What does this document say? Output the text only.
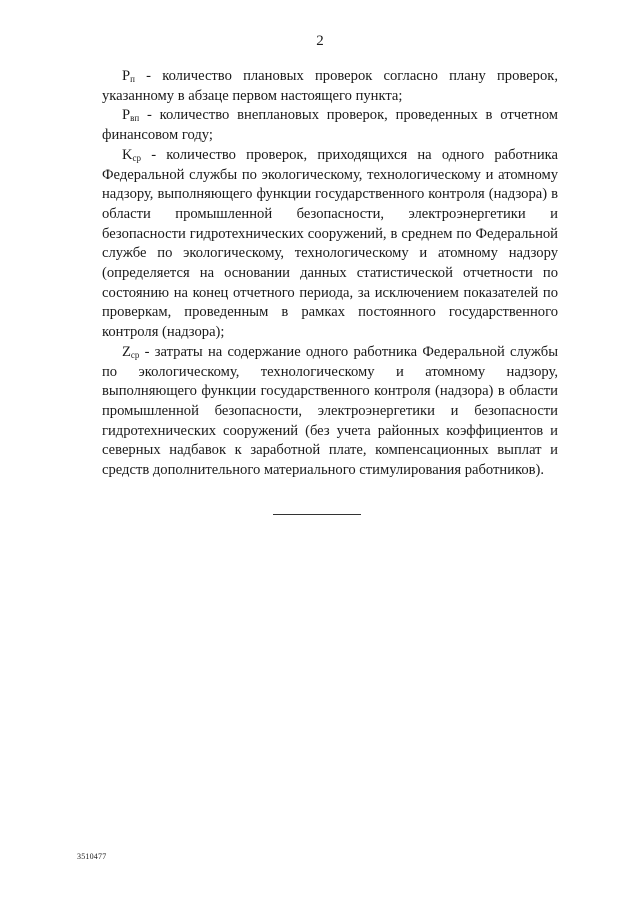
2

$P_п$ - количество плановых проверок согласно плану проверок, указанному в абзаце первом настоящего пункта;

$P_{вп}$ - количество внеплановых проверок, проведенных в отчетном финансовом году;

$K_{ср}$ - количество проверок, приходящихся на одного работника Федеральной службы по экологическому, технологическому и атомному надзору, выполняющего функции государственного контроля (надзора) в области промышленной безопасности, электроэнергетики и безопасности гидротехнических сооружений, в среднем по Федеральной службе по экологическому, технологическому и атомному надзору (определяется на основании данных статистической отчетности по состоянию на конец отчетного периода, за исключением показателей по проверкам, проведенным в рамках постоянного государственного контроля (надзора);

$Z_{ср}$ - затраты на содержание одного работника Федеральной службы по экологическому, технологическому и атомному надзору, выполняющего функции государственного контроля (надзора) в области промышленной безопасности, электроэнергетики и безопасности гидротехнических сооружений (без учета районных коэффициентов и северных надбавок к заработной плате, компенсационных выплат и средств дополнительного материального стимулирования работников).

3510477
